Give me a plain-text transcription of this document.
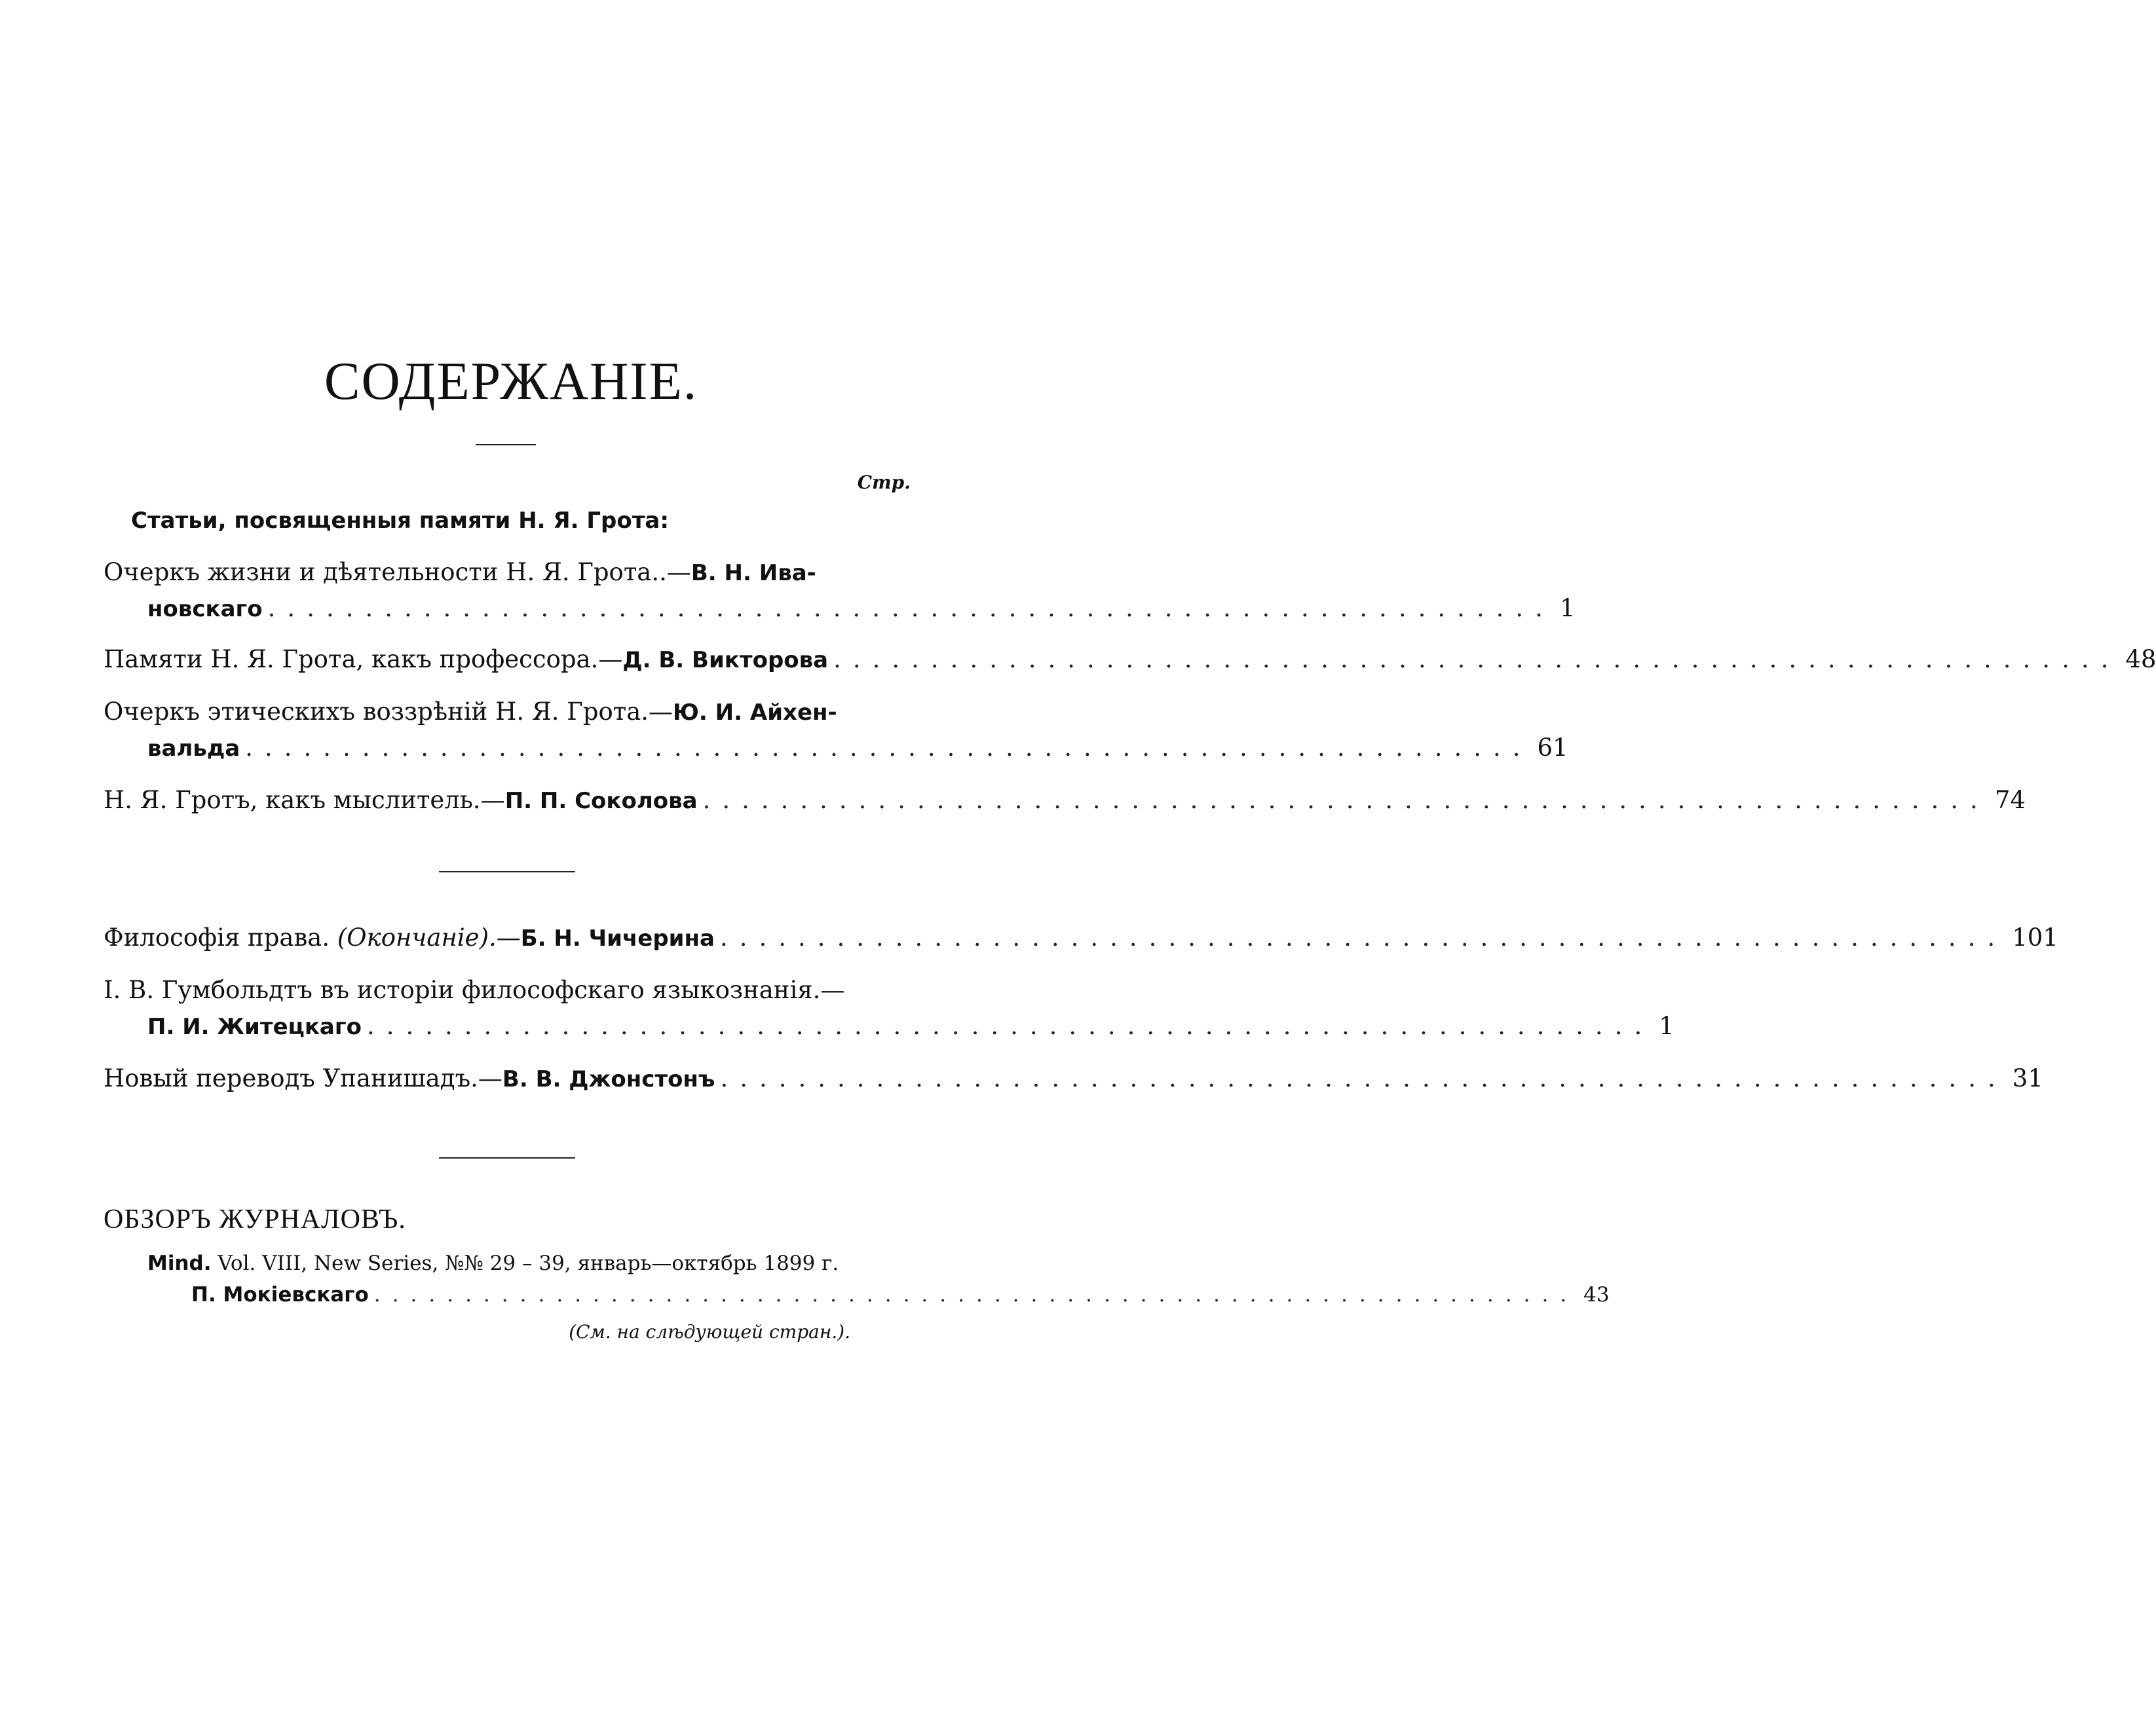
СОДЕРЖАНІЕ.
Стр.
Статьи, посвященныя памяти Н. Я. Грота:
Очеркъ жизни и дѣятельности Н. Я. Грота..—В. Н. Ива-
новскаго .................................................................. 1
Памяти Н. Я. Грота, какъ профессора.—Д. В. Викторова .................................................................. 48
Очеркъ этическихъ воззрѣній Н. Я. Грота.—Ю. И. Айхен-
вальда .................................................................. 61
Н. Я. Гротъ, какъ мыслитель.—П. П. Соколова .................................................................. 74
Философія права. (Окончаніе).—Б. Н. Чичерина .................................................................. 101
І. В. Гумбольдтъ въ исторіи философскаго языкознанія.—
П. И. Житецкаго .................................................................. 1
Новый переводъ Упанишадъ.—В. В. Джонстонъ .................................................................. 31
ОБЗОРЪ ЖУРНАЛОВЪ.
Mind. Vol. VIII, New Series, №№ 29 – 39, январь—октябрь 1899 г.
П. Мокіевскаго .................................................................. 43
(См. на слѣдующей стран.).
